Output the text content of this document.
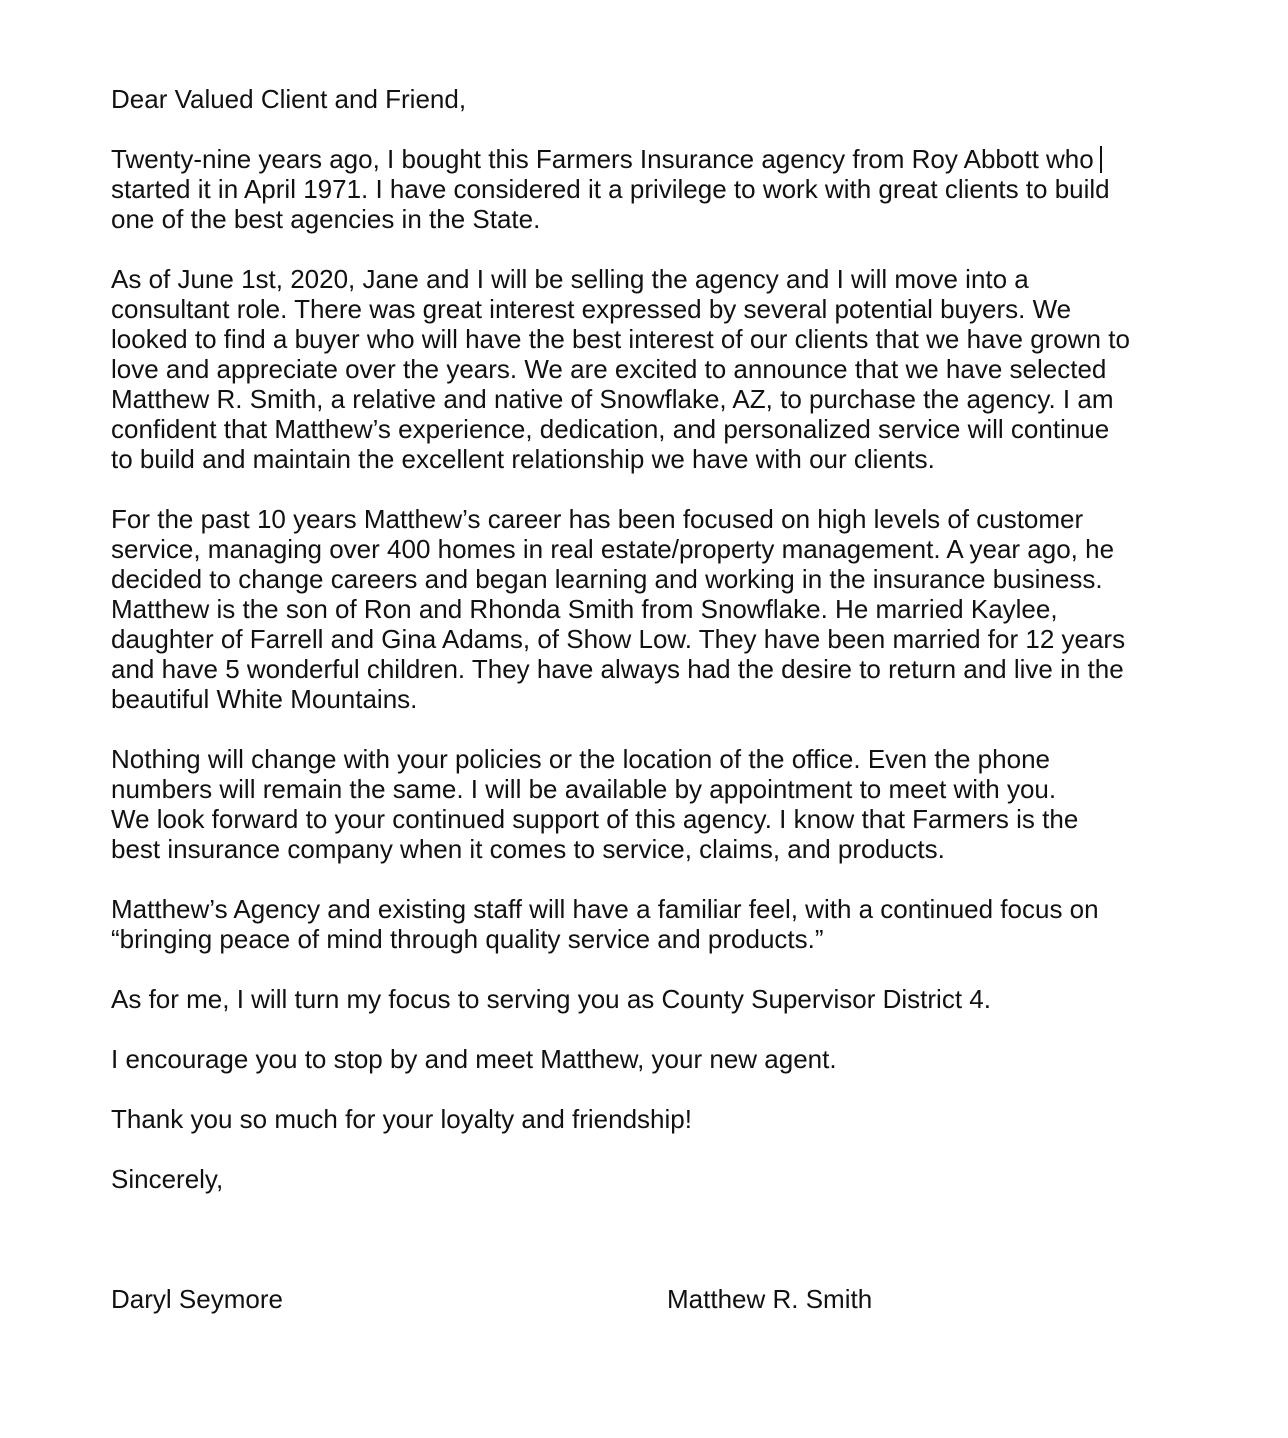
Dear Valued Client and Friend,

Twenty-nine years ago, I bought this Farmers Insurance agency from Roy Abbott who

started it in April 1971. I have considered it a privilege to work with great clients to build

one of the best agencies in the State.

As of June 1st, 2020, Jane and I will be selling the agency and I will move into a

consultant role. There was great interest expressed by several potential buyers. We

looked to find a buyer who will have the best interest of our clients that we have grown to

love and appreciate over the years. We are excited to announce that we have selected

Matthew R. Smith, a relative and native of Snowflake, AZ, to purchase the agency. I am

confident that Matthew’s experience, dedication, and personalized service will continue

to build and maintain the excellent relationship we have with our clients.

For the past 10 years Matthew’s career has been focused on high levels of customer

service, managing over 400 homes in real estate/property management. A year ago, he

decided to change careers and began learning and working in the insurance business.

Matthew is the son of Ron and Rhonda Smith from Snowflake. He married Kaylee,

daughter of Farrell and Gina Adams, of Show Low. They have been married for 12 years

and have 5 wonderful children. They have always had the desire to return and live in the

beautiful White Mountains.

Nothing will change with your policies or the location of the office. Even the phone

numbers will remain the same. I will be available by appointment to meet with you.

We look forward to your continued support of this agency. I know that Farmers is the

best insurance company when it comes to service, claims, and products.

Matthew’s Agency and existing staff will have a familiar feel, with a continued focus on

“bringing peace of mind through quality service and products.”

As for me, I will turn my focus to serving you as County Supervisor District 4.

I encourage you to stop by and meet Matthew, your new agent.

Thank you so much for your loyalty and friendship!

Sincerely,

Daryl Seymore	Matthew R. Smith
